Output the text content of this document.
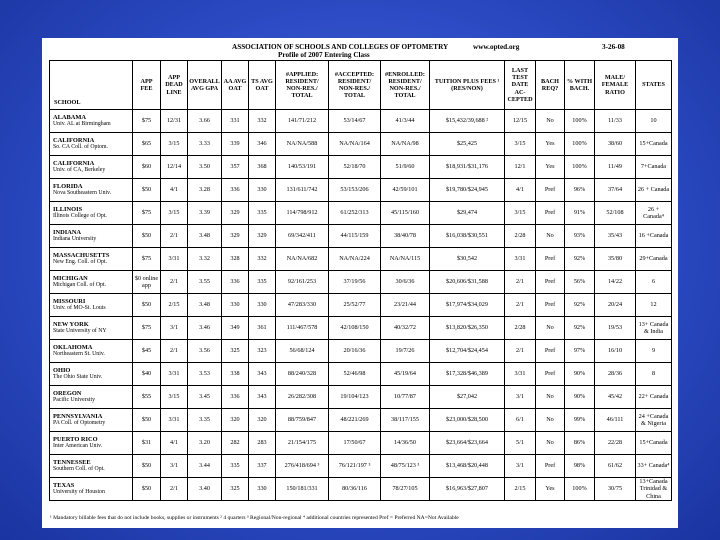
ASSOCIATION OF SCHOOLS AND COLLEGES OF OPTOMETRY	www.opted.org	3-26-08
Profile of 2007 Entering Class
SCHOOL	APP FEE	APP DEAD LINE	OVERALL AVG GPA	AA AVG OAT	TS AVG OAT	#APPLIED: RESIDENT/ NON-RES./ TOTAL	#ACCEPTED: RESIDENT/ NON-RES./ TOTAL	#ENROLLED: RESIDENT/ NON-RES./ TOTAL	TUITION PLUS FEES ¹ (RES/NON)	LAST TEST DATE AC- CEPTED	BACH REQ?	% WITH BACH.	MALE/ FEMALE RATIO	STATES

ALABAMA
Univ. AL at Birmingham	$75	12/31	3.66	331	332	141/71/212	53/14/67	41/3/44	$15,432/39,688 ²	12/15	No	100%	11/33	10

CALIFORNIA
So. CA Coll. of Optom.	$65	3/15	3.33	339	346	NA/NA/588	NA/NA/164	NA/NA/98	$25,425	3/15	Yes	100%	38/60	15+Canada

CALIFORNIA
Univ. of CA, Berkeley	$60	12/14	3.50	357	368	140/53/191	52/18/70	51/9/60	$18,931/$31,176	12/1	Yes	100%	11/49	7+Canada

FLORIDA
Nova Southeastern Univ.	$50	4/1	3.28	336	330	131/611/742	53/153/206	42/59/101	$19,780/$24,945	4/1	Pref	96%	37/64	26 + Canada

ILLINOIS
Illinois College of Opt.	$75	3/15	3.39	329	335	114/798/912	61/252/313	45/115/160	$29,474	3/15	Pref	91%	52/108	26 + Canada⁴

INDIANA
Indiana University	$50	2/1	3.48	329	329	69/342/411	44/115/159	38/40/78	$16,038/$30,551	2/28	No	93%	35/43	16 +Canada

MASSACHUSETTS
New Eng. Coll. of Opt.	$75	3/31	3.32	328	332	NA/NA/682	NA/NA/224	NA/NA/115	$30,542	3/31	Pref	92%	35/80	29+Canada

MICHIGAN
Michigan Coll. of Opt.	$0 online app	2/1	3.55	336	335	92/161/253	37/19/56	30/6/36	$20,606/$31,588	2/1	Pref	56%	14/22	6

MISSOURI
Univ. of MO-St. Louis	$50	2/15	3.48	330	330	47/283/330	25/52/77	23/21/44	$17,974/$34,029	2/1	Pref	92%	20/24	12

NEW YORK
State University of NY	$75	3/1	3.46	349	361	111/467/578	42/108/150	40/32/72	$13,820/$26,350	2/28	No	92%	19/53	13+ Canada & India

OKLAHOMA
Northeastern St. Univ.	$45	2/1	3.56	325	323	56/68/124	20/16/36	19/7/26	$12,704/$24,454	2/1	Pref	97%	16/10	9

OHIO
The Ohio State Univ.	$40	3/31	3.53	338	343	88/240/328	52/46/98	45/19/64	$17,328/$46,389	3/31	Pref	90%	28/36	8

OREGON
Pacific University	$55	3/15	3.45	336	343	26/282/308	19/104/123	10/77/87	$27,042	3/1	No	90%	45/42	22+ Canada

PENNSYLVANIA
PA Coll. of Optometry	$50	3/31	3.35	320	320	88/759/847	48/221/269	38/117/155	$23,000/$28,500	6/1	No	99%	46/111	24 +Canada & Nigeria

PUERTO RICO
Inter American Univ.	$31	4/1	3.20	282	283	21/154/175	17/50/67	14/36/50	$23,664/$23,664	5/1	No	86%	22/28	15+Canada

TENNESSEE
Southern Coll. of Opt.	$50	3/1	3.44	335	337	276/418/694 ³	76/121/197 ³	48/75/123 ³	$13,468/$20,448	3/1	Pref	98%	61/62	33+ Canada⁴

TEXAS
University of Houston	$50	2/1	3.40	325	330	150/181/331	80/36/116	78/27/105	$16,963/$27,807	2/15	Yes	100%	30/75	13+Canada Trinidad & China
¹ Mandatory billable fees that do not include books, supplies or instruments ² 4 quarters ³ Regional/Non-regional ⁴ additional countries represented Pref = Preferred NA=Not Available
